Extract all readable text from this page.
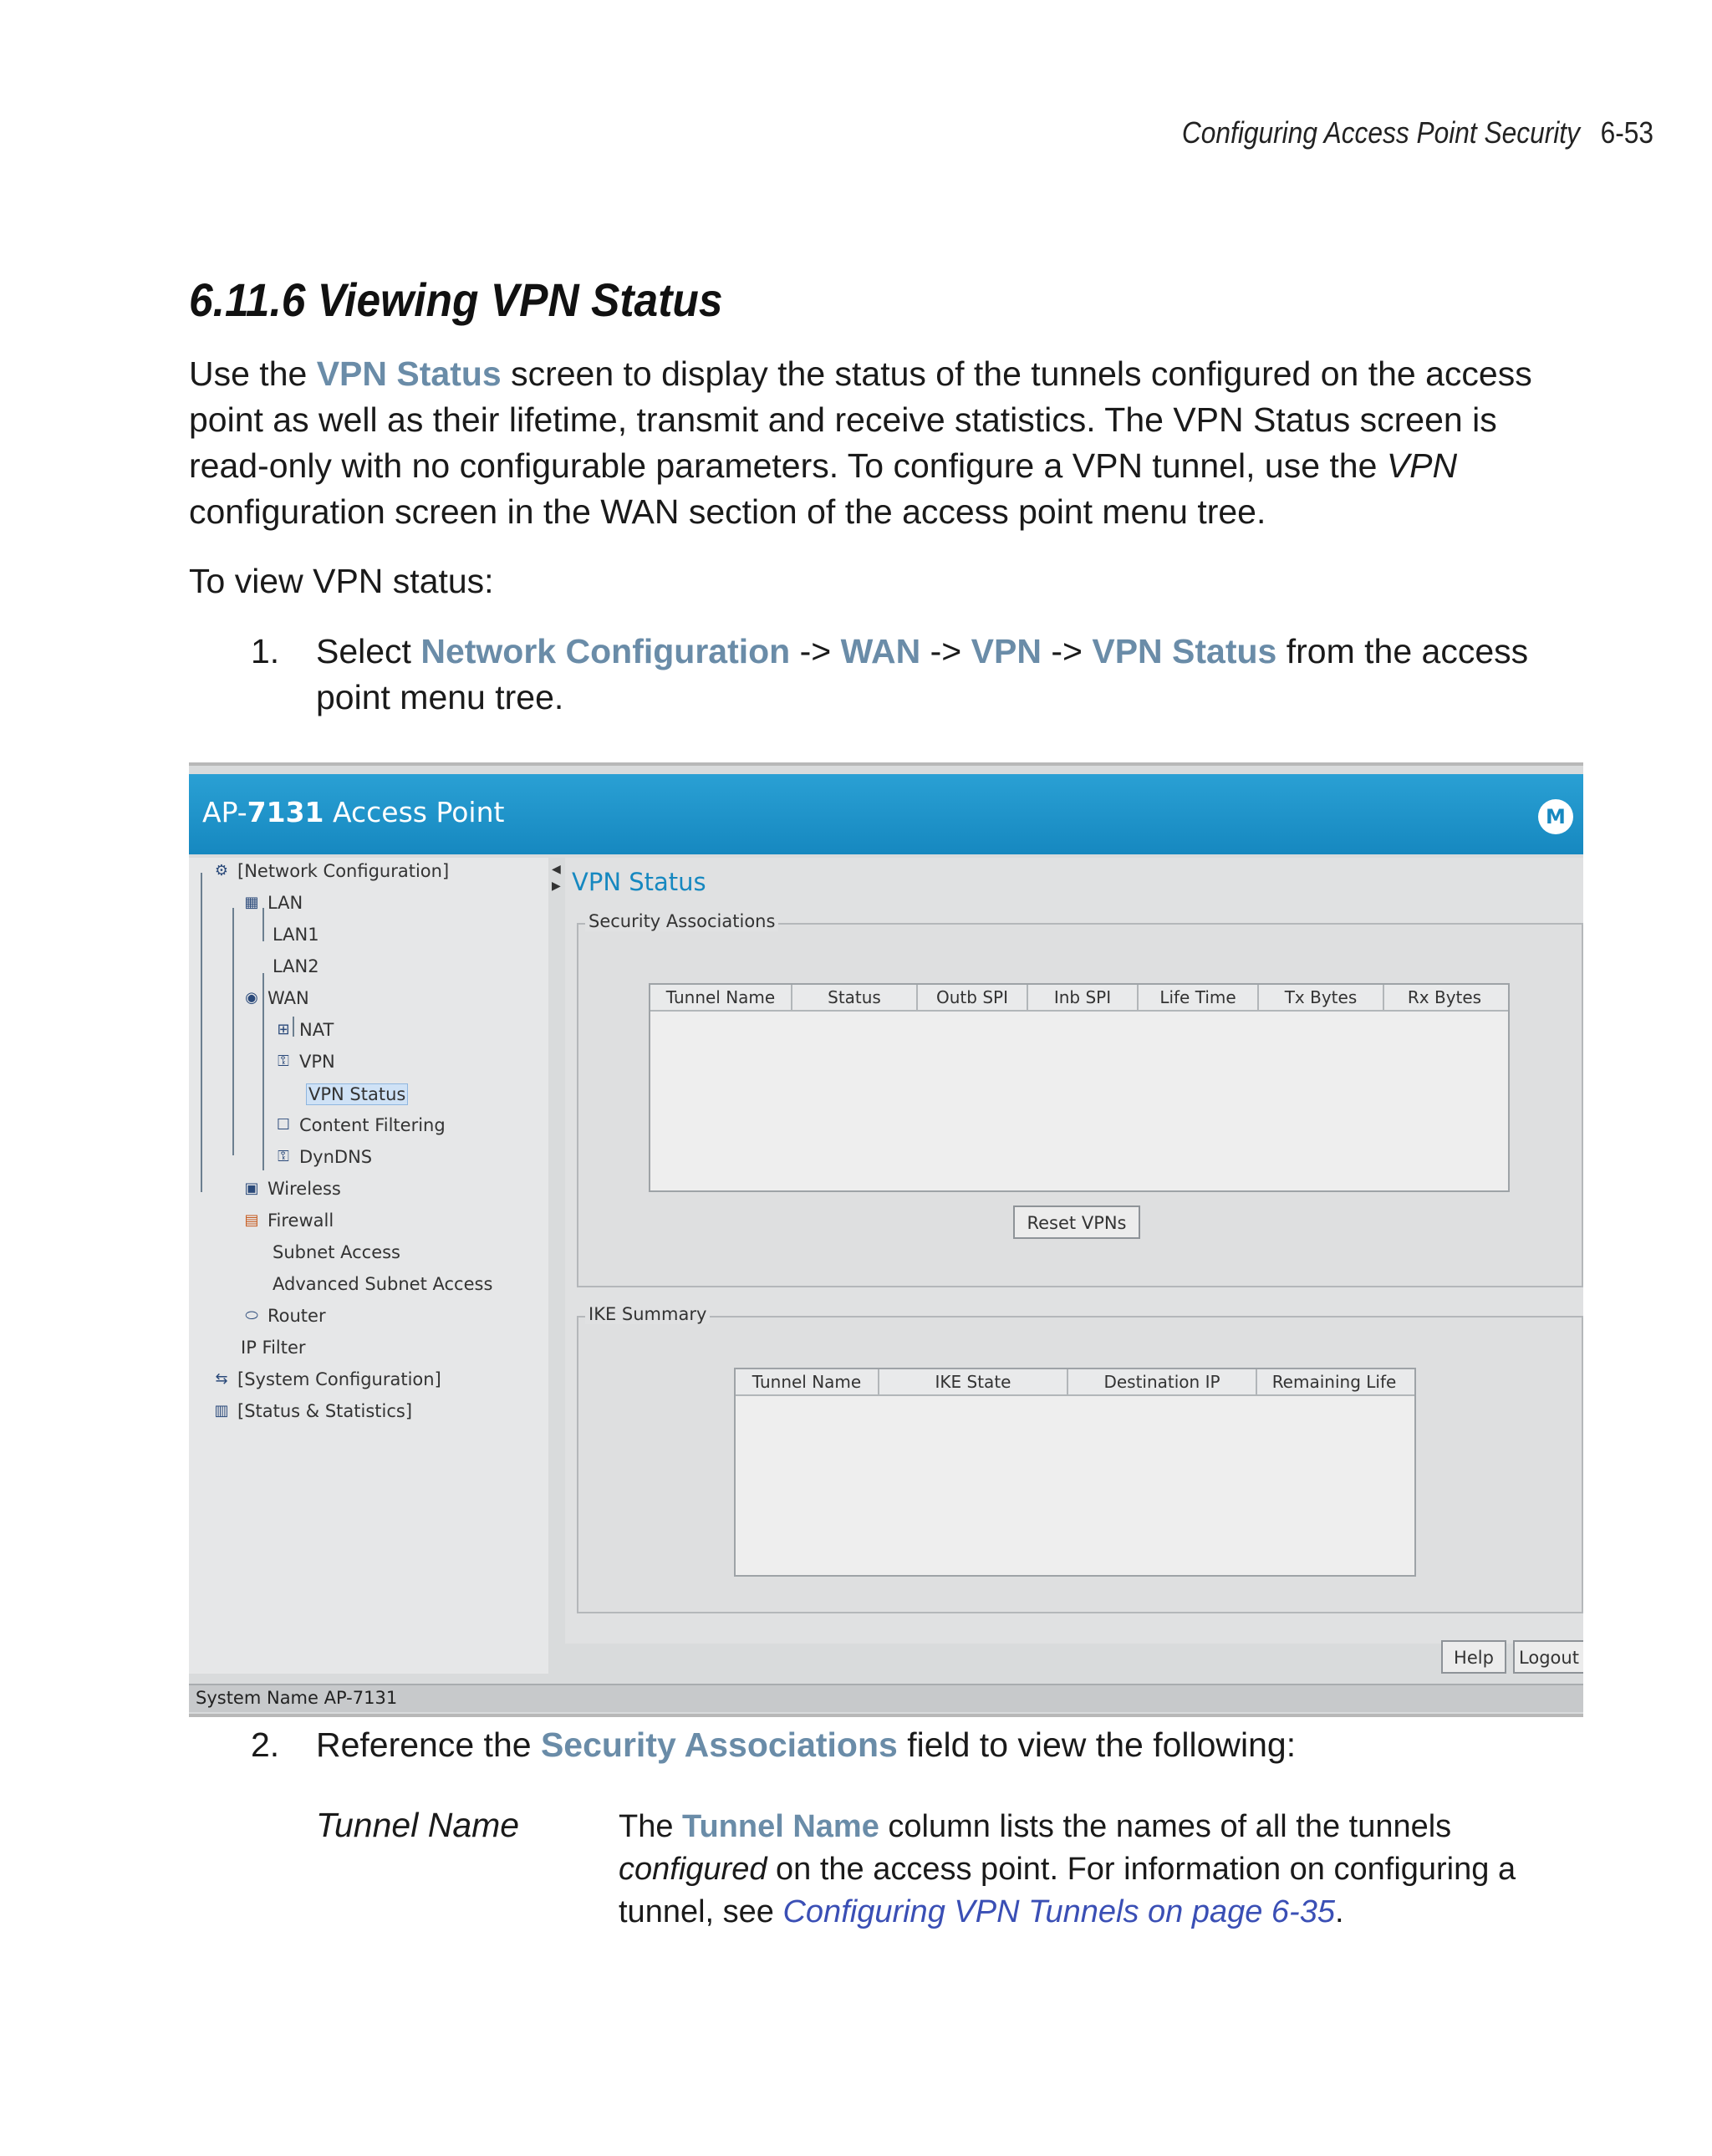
Configuring Access Point Security 6-53
6.11.6 Viewing VPN Status
Use the VPN Status screen to display the status of the tunnels configured on the access point as well as their lifetime, transmit and receive statistics. The VPN Status screen is read-only with no configurable parameters. To configure a VPN tunnel, use the VPN configuration screen in the WAN section of the access point menu tree.
To view VPN status:
1. Select Network Configuration -> WAN -> VPN -> VPN Status from the access point menu tree.
AP-7131 Access Point	M
⚙ [Network Configuration]
▦ LAN
LAN1
LAN2
◉ WAN
⊞ NAT
⚿ VPN
VPN Status
☐ Content Filtering
⚿ DynDNS
▣ Wireless
▤ Firewall
Subnet Access
Advanced Subnet Access
⬭ Router
IP Filter
⇆ [System Configuration]
▥ [Status & Statistics]
◀
▶ VPN Status
Security Associations
Tunnel Name	Status	Outb SPI	Inb SPI	Life Time	Tx Bytes	Rx Bytes
Reset VPNs
IKE Summary
Tunnel Name	IKE State	Destination IP	Remaining Life
Help	Logout
System Name AP-7131
2. Reference the Security Associations field to view the following:
Tunnel Name	The Tunnel Name column lists the names of all the tunnels configured on the access point. For information on configuring a tunnel, see Configuring VPN Tunnels on page 6-35.
